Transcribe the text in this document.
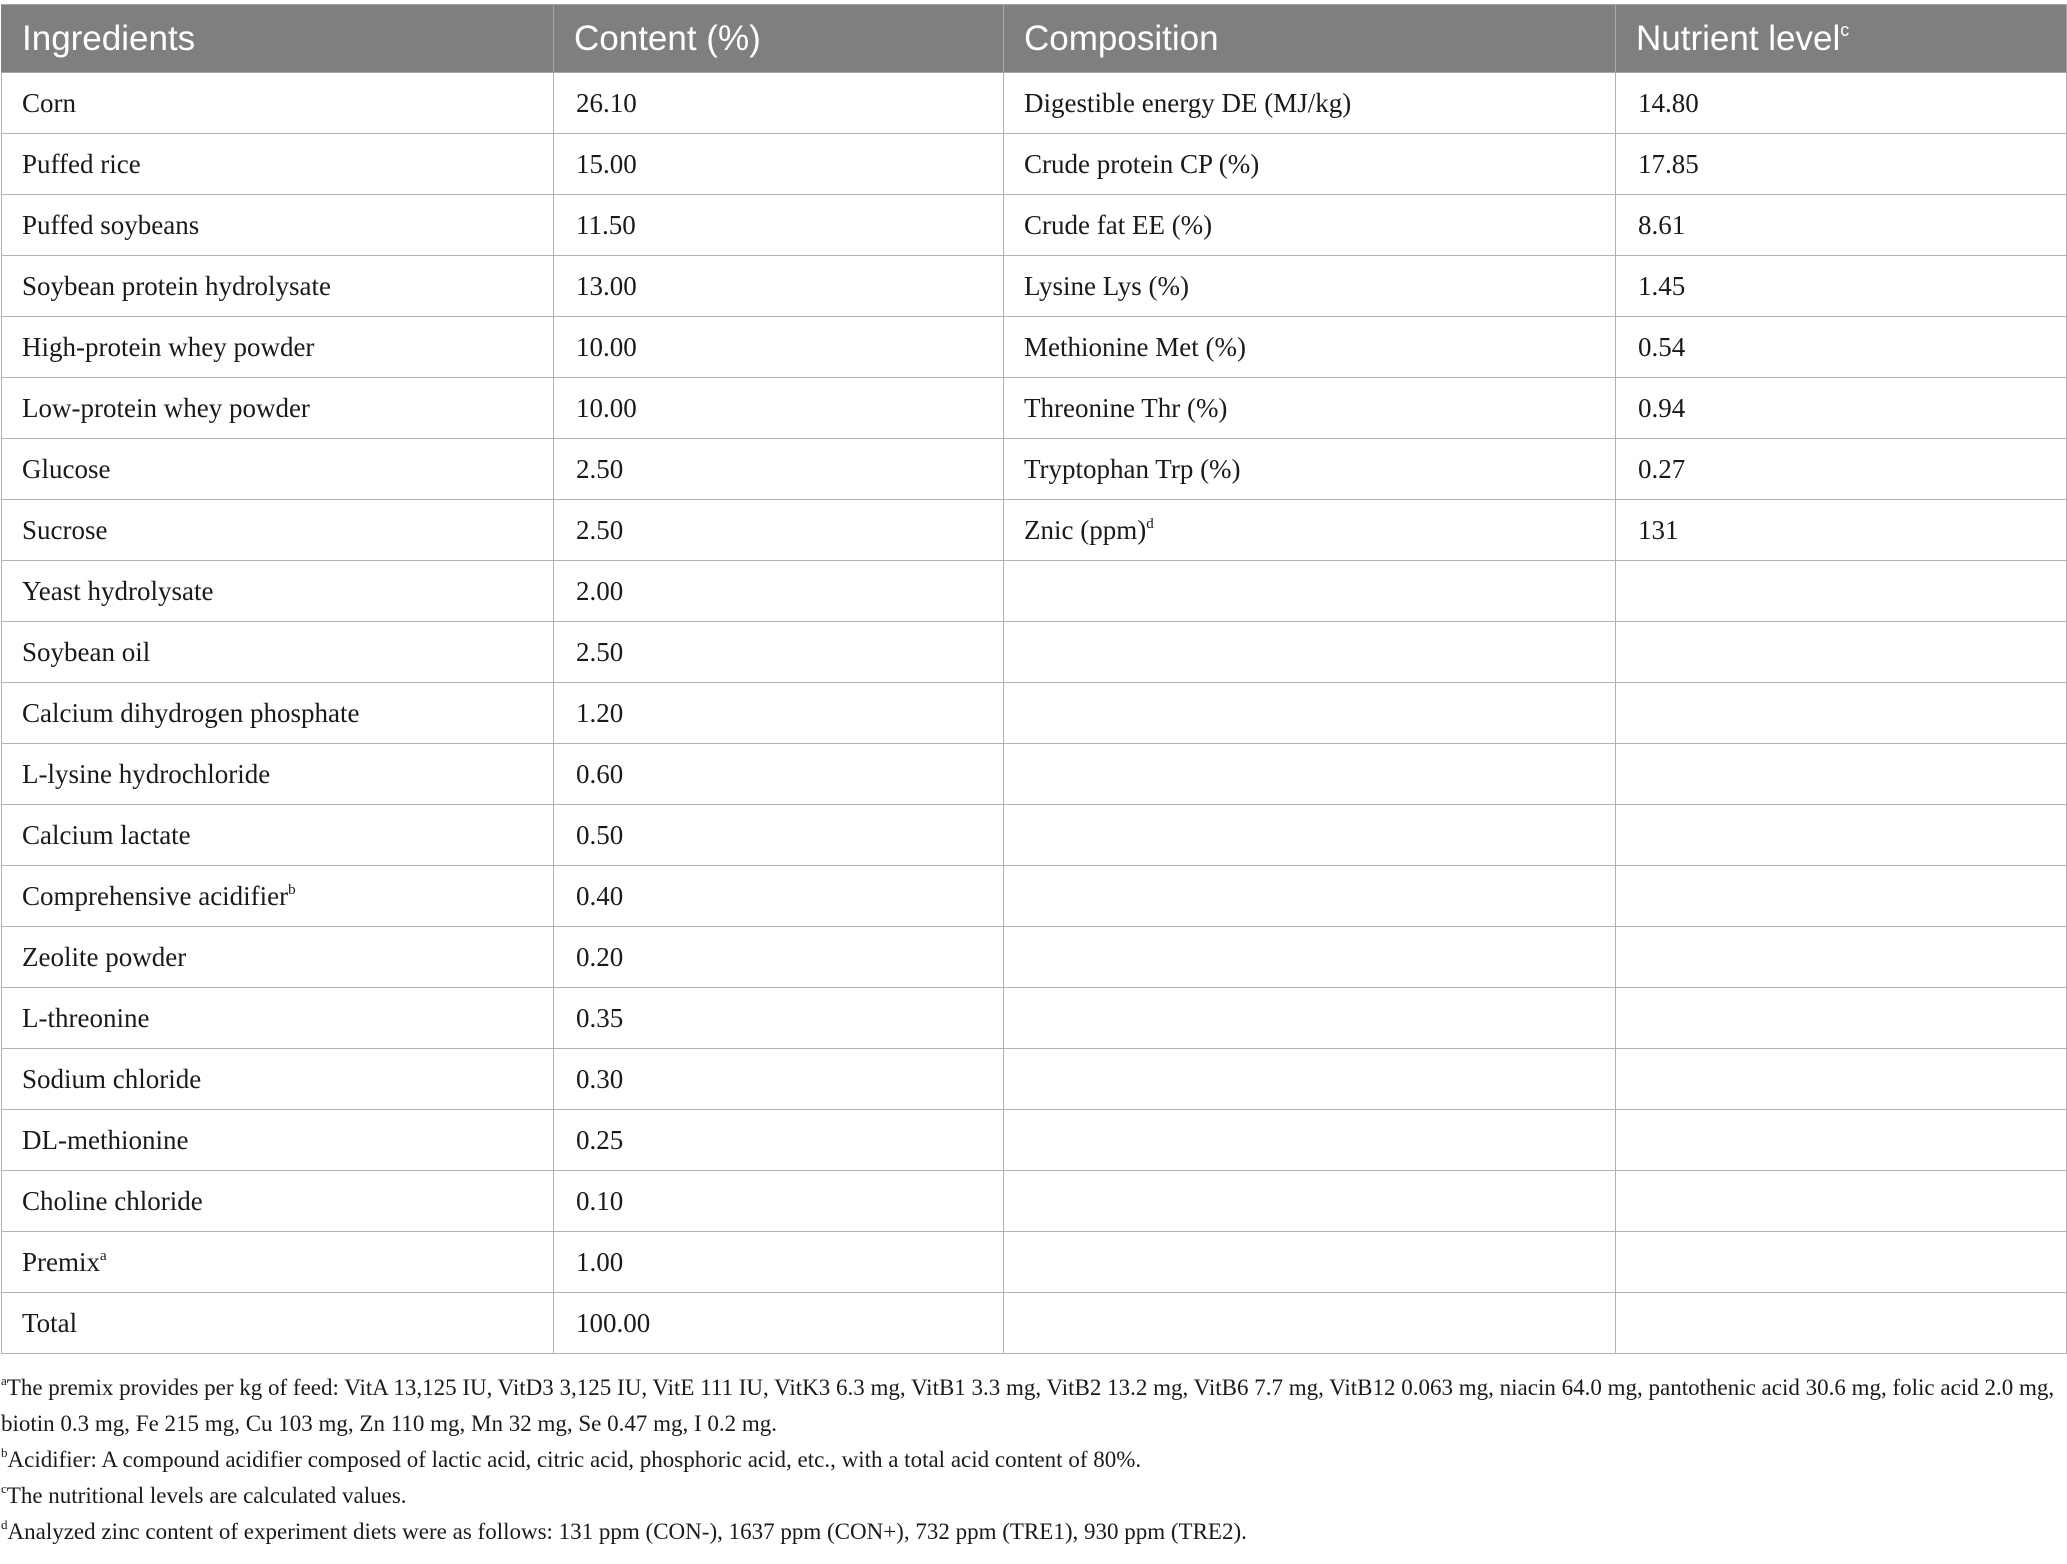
Ingredients	Content (%)	Composition	Nutrient level$^c$
Corn	26.10	Digestible energy DE (MJ/kg)	14.80
Puffed rice	15.00	Crude protein CP (%)	17.85
Puffed soybeans	11.50	Crude fat EE (%)	8.61
Soybean protein hydrolysate	13.00	Lysine Lys (%)	1.45
High-protein whey powder	10.00	Methionine Met (%)	0.54
Low-protein whey powder	10.00	Threonine Thr (%)	0.94
Glucose	2.50	Tryptophan Trp (%)	0.27
Sucrose	2.50	Znic (ppm)$^d$	131
Yeast hydrolysate	2.00		
Soybean oil	2.50		
Calcium dihydrogen phosphate	1.20		
L-lysine hydrochloride	0.60		
Calcium lactate	0.50		
Comprehensive acidifier$^b$	0.40		
Zeolite powder	0.20		
L-threonine	0.35		
Sodium chloride	0.30		
DL-methionine	0.25		
Choline chloride	0.10		
Premix$^a$	1.00		
Total	100.00		

$^a$The premix provides per kg of feed: VitA 13,125 IU, VitD3 3,125 IU, VitE 111 IU, VitK3 6.3 mg, VitB1 3.3 mg, VitB2 13.2 mg, VitB6 7.7 mg, VitB12 0.063 mg, niacin 64.0 mg, pantothenic acid 30.6 mg, folic acid 2.0 mg, biotin 0.3 mg, Fe 215 mg, Cu 103 mg, Zn 110 mg, Mn 32 mg, Se 0.47 mg, I 0.2 mg.

$^b$Acidifier: A compound acidifier composed of lactic acid, citric acid, phosphoric acid, etc., with a total acid content of 80%.

$^c$The nutritional levels are calculated values.

$^d$Analyzed zinc content of experiment diets were as follows: 131 ppm (CON-), 1637 ppm (CON+), 732 ppm (TRE1), 930 ppm (TRE2).
